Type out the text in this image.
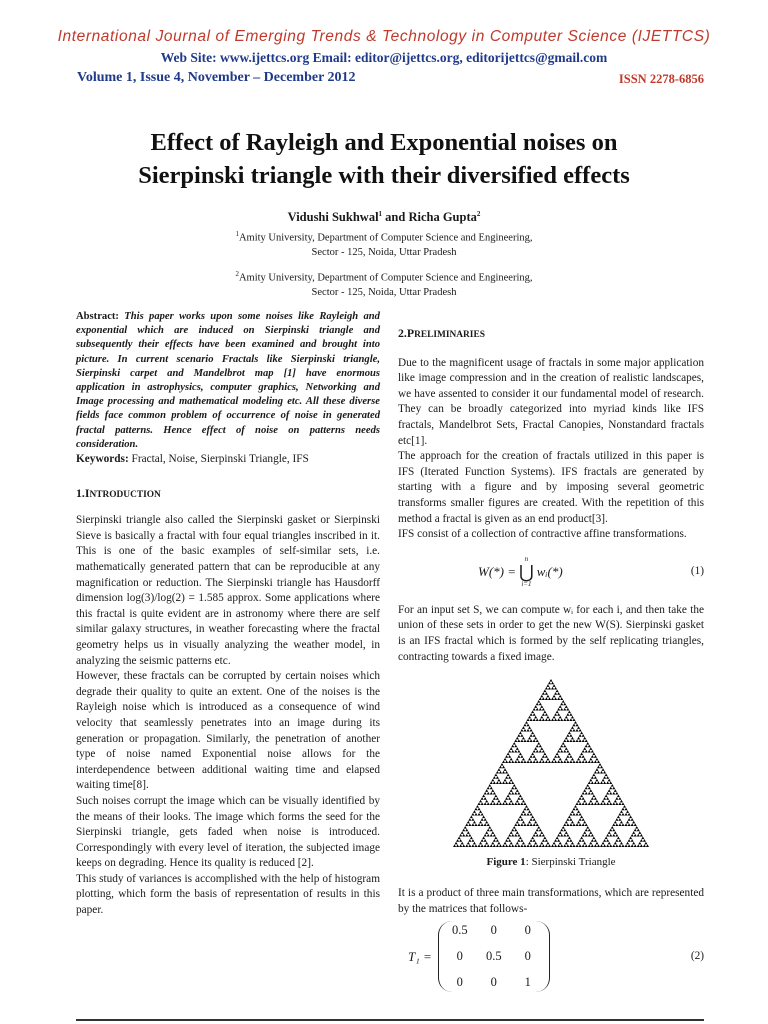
International Journal of Emerging Trends & Technology in Computer Science (IJETTCS)
Web Site: www.ijettcs.org Email: editor@ijettcs.org, editorijettcs@gmail.com
Volume 1, Issue 4, November – December 2012	ISSN 2278-6856
Effect of Rayleigh and Exponential noises on
Sierpinski triangle with their diversified effects
Vidushi Sukhwal$^1$ and Richa Gupta$^2$
$^1$Amity University, Department of Computer Science and Engineering,
Sector - 125, Noida, Uttar Pradesh
$^2$Amity University, Department of Computer Science and Engineering,
Sector - 125, Noida, Uttar Pradesh

Abstract: This paper works upon some noises like Rayleigh and exponential which are induced on Sierpinski triangle and subsequently their effects have been examined and brought into picture. In current scenario Fractals like Sierpinski triangle, Sierpinski carpet and Mandelbrot map [1] have enormous application in astrophysics, computer graphics, Networking and Image processing and mathematical modeling etc. All these diverse fields face common problem of occurrence of noise in generated fractal patterns. Hence effect of noise on patterns needs consideration.

Keywords: Fractal, Noise, Sierpinski Triangle, IFS

1.INTRODUCTION

Sierpinski triangle also called the Sierpinski gasket or Sierpinski Sieve is basically a fractal with four equal triangles inscribed in it. This is one of the basic examples of self-similar sets, i.e. mathematically generated pattern that can be reproducible at any magnification or reduction. The Sierpinski triangle has Hausdorff dimension log(3)/log(2) = 1.585 approx. Some applications where this fractal is quite evident are in astronomy where there are self similar galaxy structures, in weather forecasting where the fractal geometry helps us in visually analyzing the weather model, in analyzing the seismic patterns etc.

However, these fractals can be corrupted by certain noises which degrade their quality to quite an extent. One of the noises is the Rayleigh noise which is introduced as a consequence of wind velocity that seamlessly penetrates into an image during its generation or propagation. Similarly, the penetration of another type of noise named Exponential noise allows for the interdependence between additional waiting time and elapsed waiting time[8].

Such noises corrupt the image which can be visually identified by the means of their looks. The image which forms the seed for the Sierpinski triangle, gets faded when noise is introduced. Correspondingly with every level of iteration, the subjected image keeps on degrading. Hence its quality is reduced [2].

This study of variances is accomplished with the help of histogram plotting, which form the basis of representation of results in this paper.

2.PRELIMINARIES

Due to the magnificent usage of fractals in some major application like image compression and in the creation of realistic landscapes, we have assented to consider it our fundamental model of research. They can be broadly categorized into myriad kinds like IFS fractals, Mandelbrot Sets, Fractal Canopies, Nonstandard fractals etc[1].

The approach for the creation of fractals utilized in this paper is IFS (Iterated Function Systems). IFS fractals are generated by starting with a figure and by imposing several geometric transforms smaller figures are created. With the repetition of this method a fractal is given as an end product[3].

IFS consist of a collection of contractive affine transformations.

W(*) =
n
⋃
i=1
wᵢ(*)	(1)

For an input set S, we can compute wᵢ for each i, and then take the union of these sets in order to get the new W(S). Sierpinski gasket is an IFS fractal which is formed by the self replicating triangles, contracting towards a fixed image.

Figure 1: Sierpinski Triangle

It is a product of three main transformations, which are represented by the matrices that follows-

T₁ =
0.5	0	0
0	0.5	0
0	0	1
(2)
